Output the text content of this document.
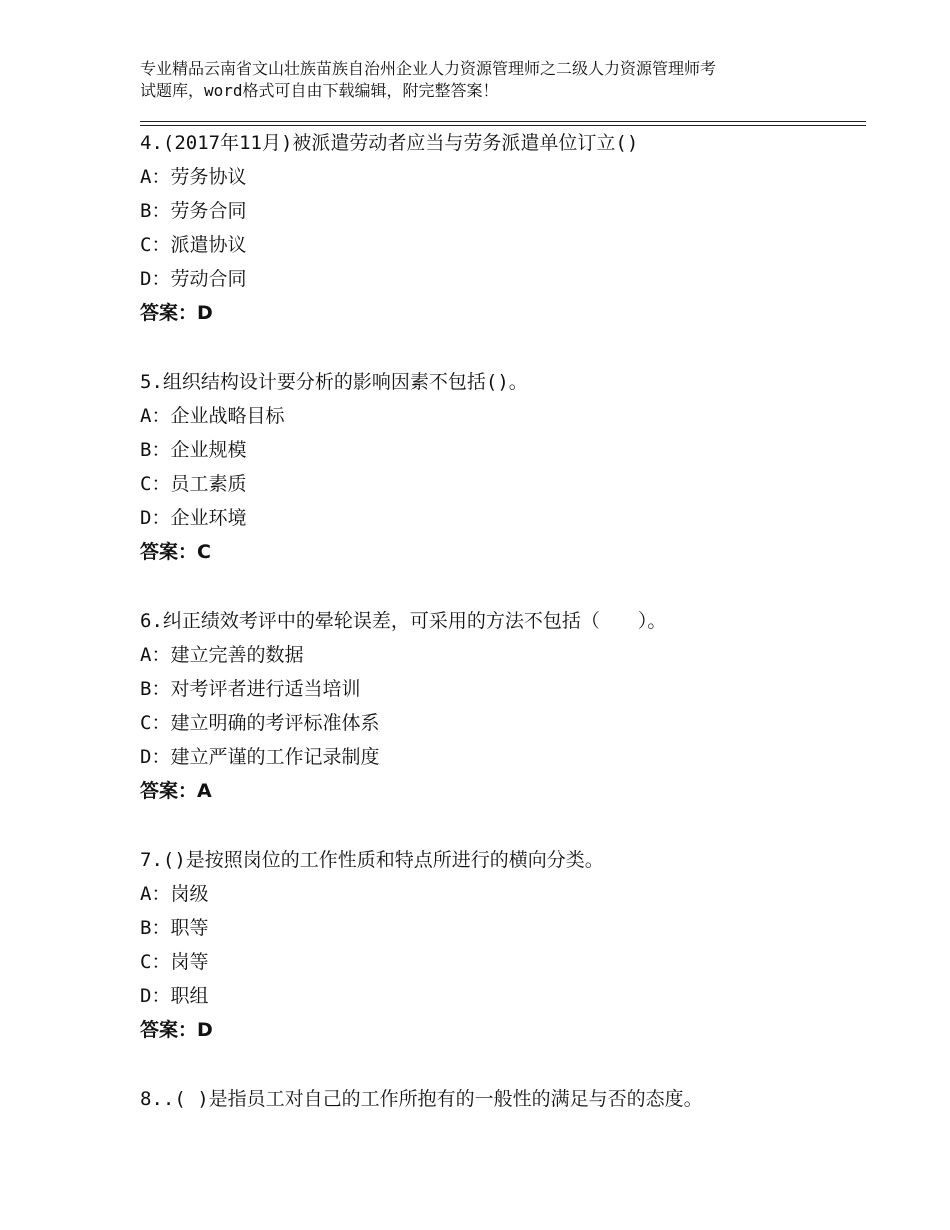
专业精品云南省文山壮族苗族自治州企业人力资源管理师之二级人力资源管理师考
试题库，word格式可自由下载编辑，附完整答案！
4.(2017年11月)被派遣劳动者应当与劳务派遣单位订立()
A：劳务协议
B：劳务合同
C：派遣协议
D：劳动合同
答案：D
5.组织结构设计要分析的影响因素不包括()。
A：企业战略目标
B：企业规模
C：员工素质
D：企业环境
答案：C
6.纠正绩效考评中的晕轮误差，可采用的方法不包括（　　）。
A：建立完善的数据
B：对考评者进行适当培训
C：建立明确的考评标准体系
D：建立严谨的工作记录制度
答案：A
7.()是按照岗位的工作性质和特点所进行的横向分类。
A：岗级
B：职等
C：岗等
D：职组
答案：D
8..( )是指员工对自己的工作所抱有的一般性的满足与否的态度。
